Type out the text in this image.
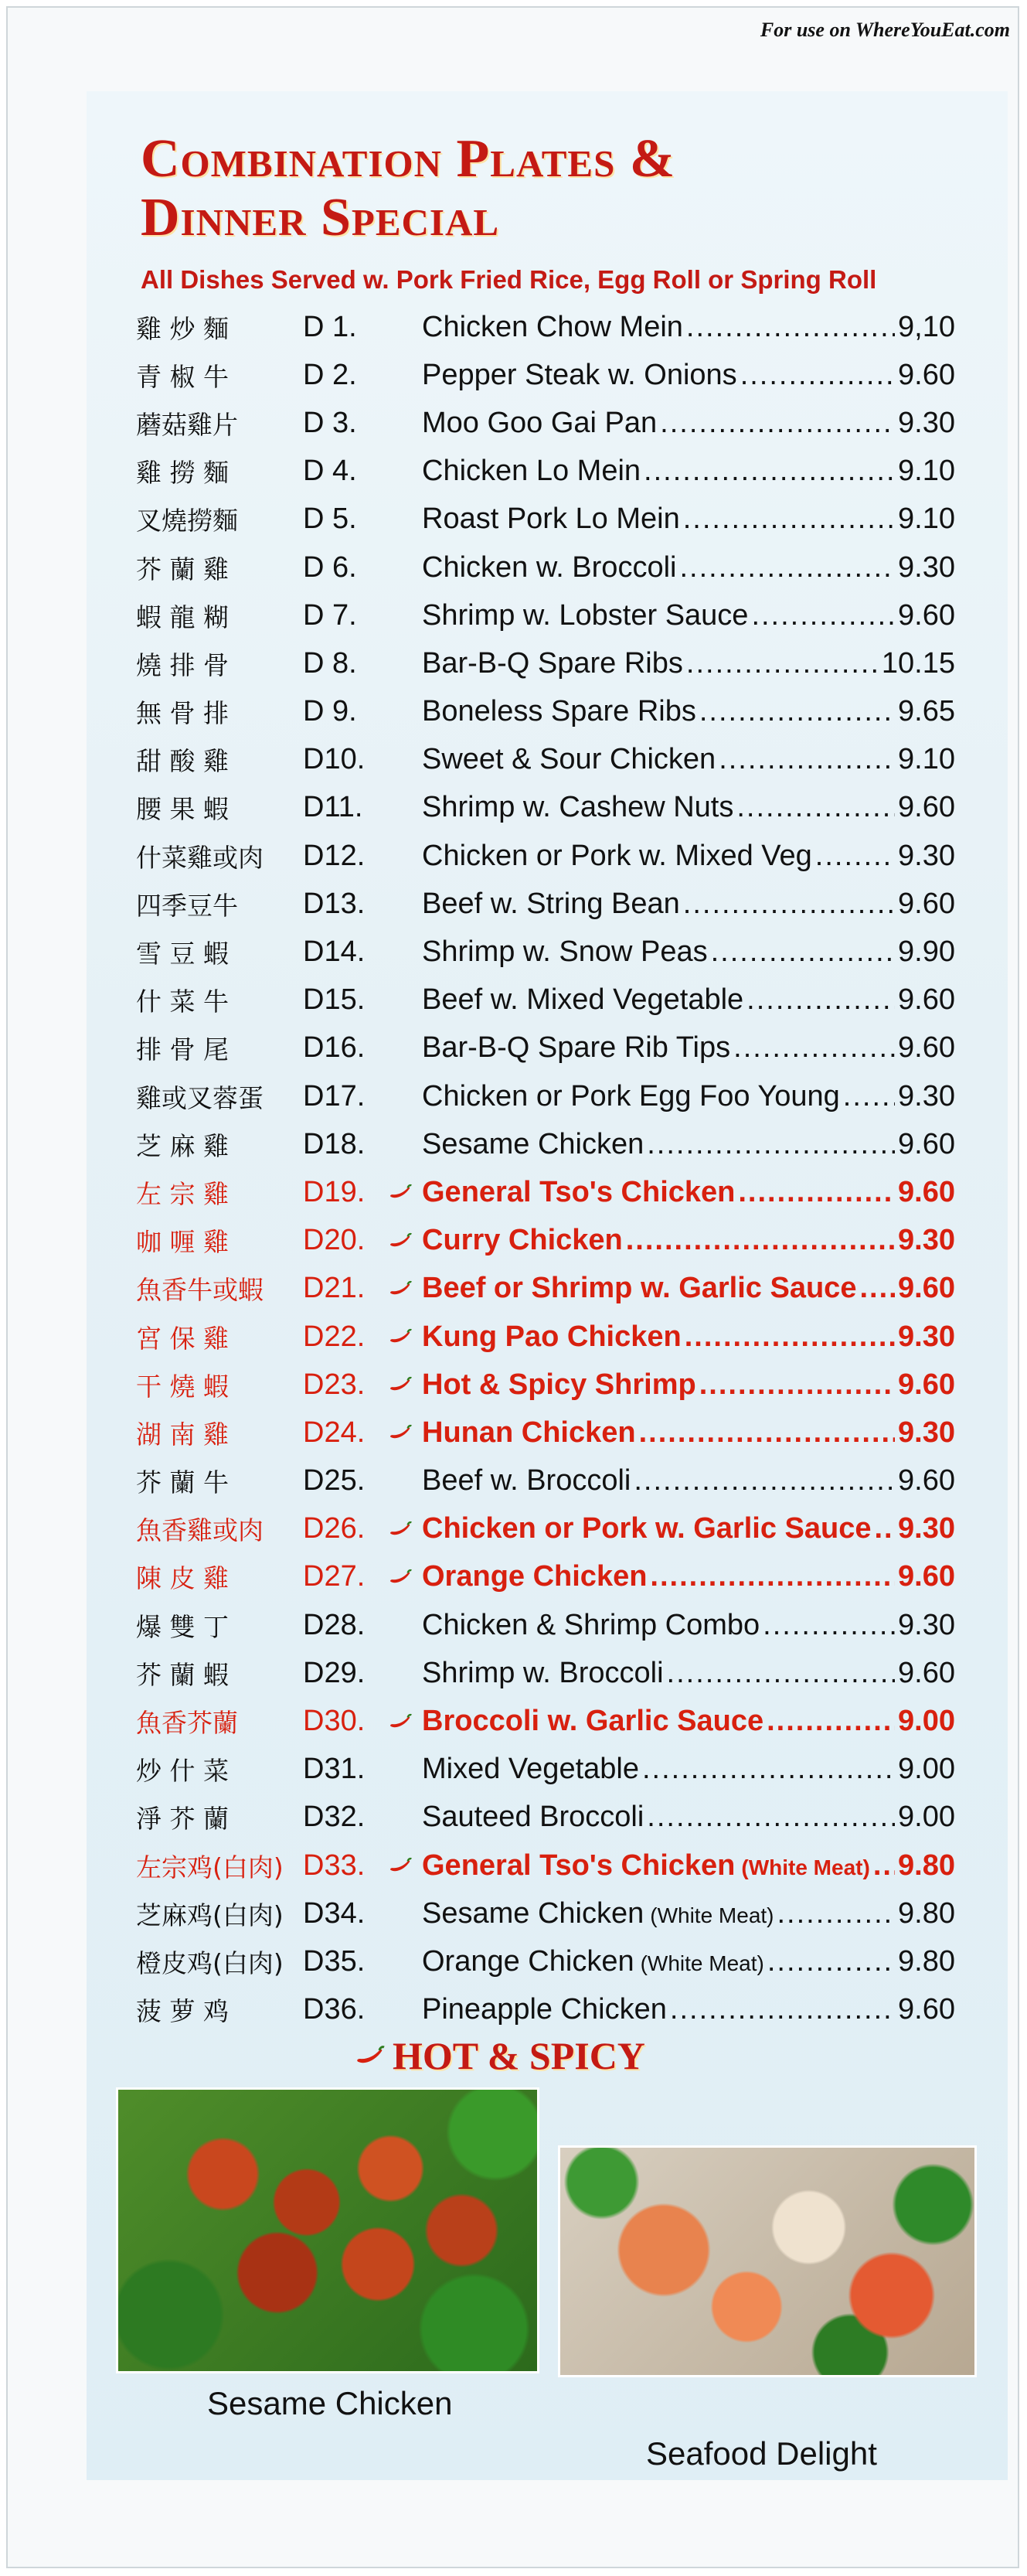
For use on WhereYouEat.com
Combination Plates &
Dinner Special
All Dishes Served w. Pork Fried Rice, Egg Roll or Spring Roll
雞 炒 麵	D 1.	Chicken Chow Mein .....	9,10
青 椒 牛	D 2.	Pepper Steak w. Onions .....	9.60
蘑菇雞片	D 3.	Moo Goo Gai Pan .....	9.30
雞 撈 麵	D 4.	Chicken Lo Mein .....	9.10
叉燒撈麵	D 5.	Roast Pork Lo Mein .....	9.10
芥 蘭 雞	D 6.	Chicken w. Broccoli .....	9.30
蝦 龍 糊	D 7.	Shrimp w. Lobster Sauce .....	9.60
燒 排 骨	D 8.	Bar-B-Q Spare Ribs .....	10.15
無 骨 排	D 9.	Boneless Spare Ribs .....	9.65
甜 酸 雞	D10.	Sweet & Sour Chicken .....	9.10
腰 果 蝦	D11.	Shrimp w. Cashew Nuts .....	9.60
什菜雞或肉	D12.	Chicken or Pork w. Mixed Veg .....	9.30
四季豆牛	D13.	Beef w. String Bean .....	9.60
雪 豆 蝦	D14.	Shrimp w. Snow Peas .....	9.90
什 菜 牛	D15.	Beef w. Mixed Vegetable .....	9.60
排 骨 尾	D16.	Bar-B-Q Spare Rib Tips .....	9.60
雞或叉蓉蛋	D17.	Chicken or Pork Egg Foo Young ..... 9.30
芝 麻 雞	D18.	Sesame Chicken .....	9.60
左 宗 雞	D19.	General Tso's Chicken .....	9.60
咖 喱 雞	D20.	Curry Chicken .....	9.30
魚香牛或蝦	D21.	Beef or Shrimp w. Garlic Sauce ..... 9.60
宮 保 雞	D22.	Kung Pao Chicken .....	9.30
干 燒 蝦	D23.	Hot & Spicy Shrimp .....	9.60
湖 南 雞	D24.	Hunan Chicken .....	9.30
芥 蘭 牛	D25.	Beef w. Broccoli .....	9.60
魚香雞或肉	D26.	Chicken or Pork w. Garlic Sauce ..... 9.30
陳 皮 雞	D27.	Orange Chicken .....	9.60
爆 雙 丁	D28.	Chicken & Shrimp Combo .....	9.30
芥 蘭 蝦	D29.	Shrimp w. Broccoli .....	9.60
魚香芥蘭	D30.	Broccoli w. Garlic Sauce .....	9.00
炒 什 菜	D31.	Mixed Vegetable .....	9.00
淨 芥 蘭	D32.	Sauteed Broccoli .....	9.00
左宗鸡(白肉) D33.	General Tso's Chicken (White Meat) ..... 9.80
芝麻鸡(白肉) D34.	Sesame Chicken (White Meat) .....	9.80
橙皮鸡(白肉) D35.	Orange Chicken (White Meat) .....	9.80
菠 萝 鸡	D36.	Pineapple Chicken .....	9.60
HOT & SPICY
Sesame Chicken
Seafood Delight
